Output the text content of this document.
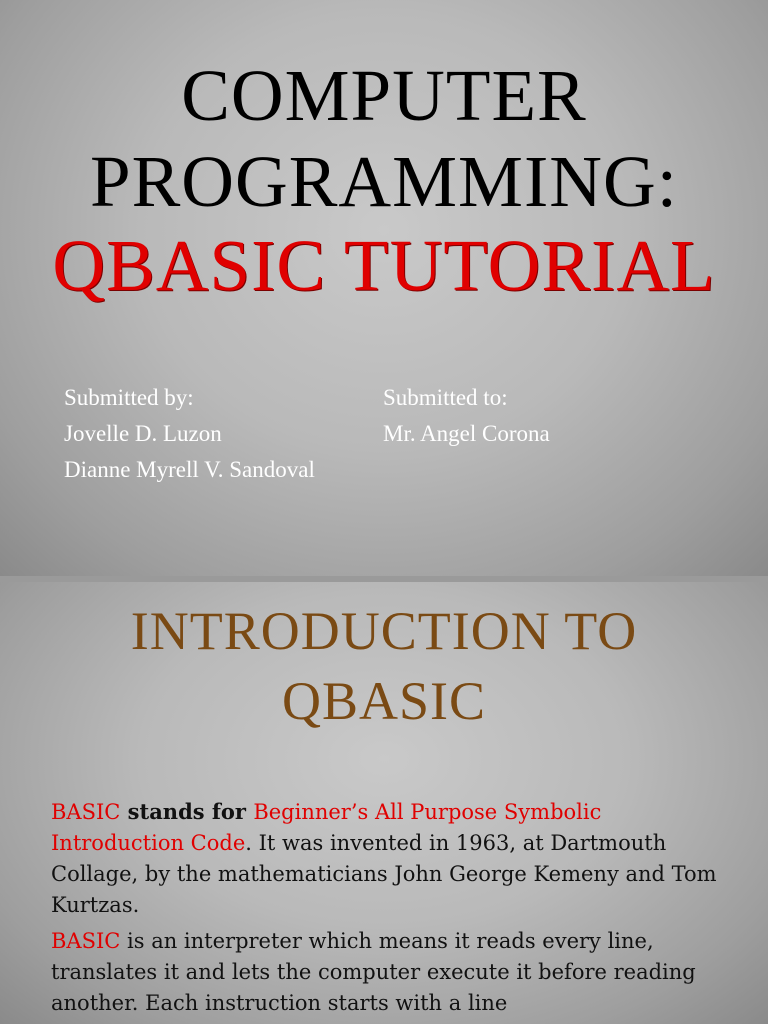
COMPUTER
PROGRAMMING:
QBASIC TUTORIAL
Submitted by:
Jovelle D. Luzon
Dianne Myrell V. Sandoval
Submitted to:
Mr. Angel Corona
INTRODUCTION TO
QBASIC
BASIC stands for Beginner’s All Purpose Symbolic Introduction Code. It was invented in 1963, at Dartmouth Collage, by the mathematicians John George Kemeny and Tom Kurtzas.
BASIC is an interpreter which means it reads every line, translates it and lets the computer execute it before reading another. Each instruction starts with a line
